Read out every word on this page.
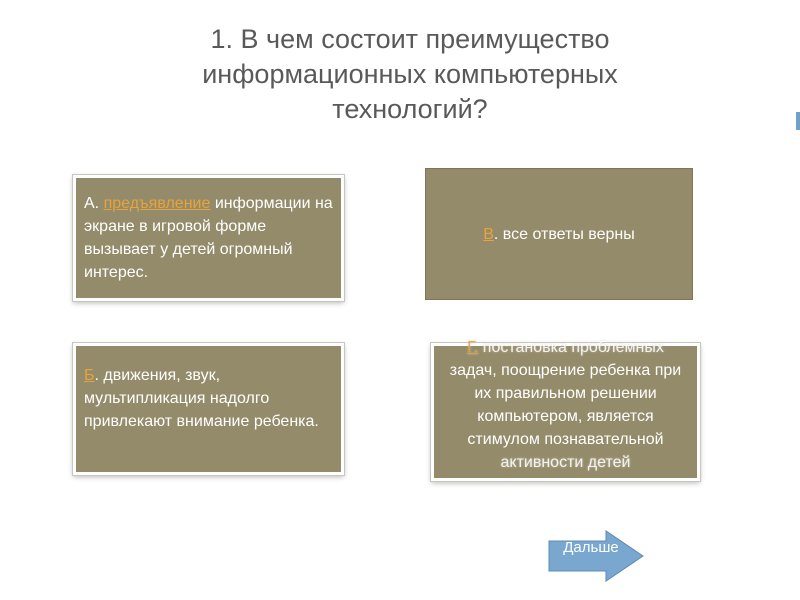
1. В чем состоит преимущество информационных компьютерных технологий?
А. предъявление информации на экране в игровой форме вызывает у детей огромный интерес.
В. все ответы верны
Б. движения, звук, мультипликация надолго привлекают внимание ребенка.
Г. постановка проблемных
задач, поощрение ребенка при их правильном решении компьютером, является стимулом познавательной
активности детей
Дальше
